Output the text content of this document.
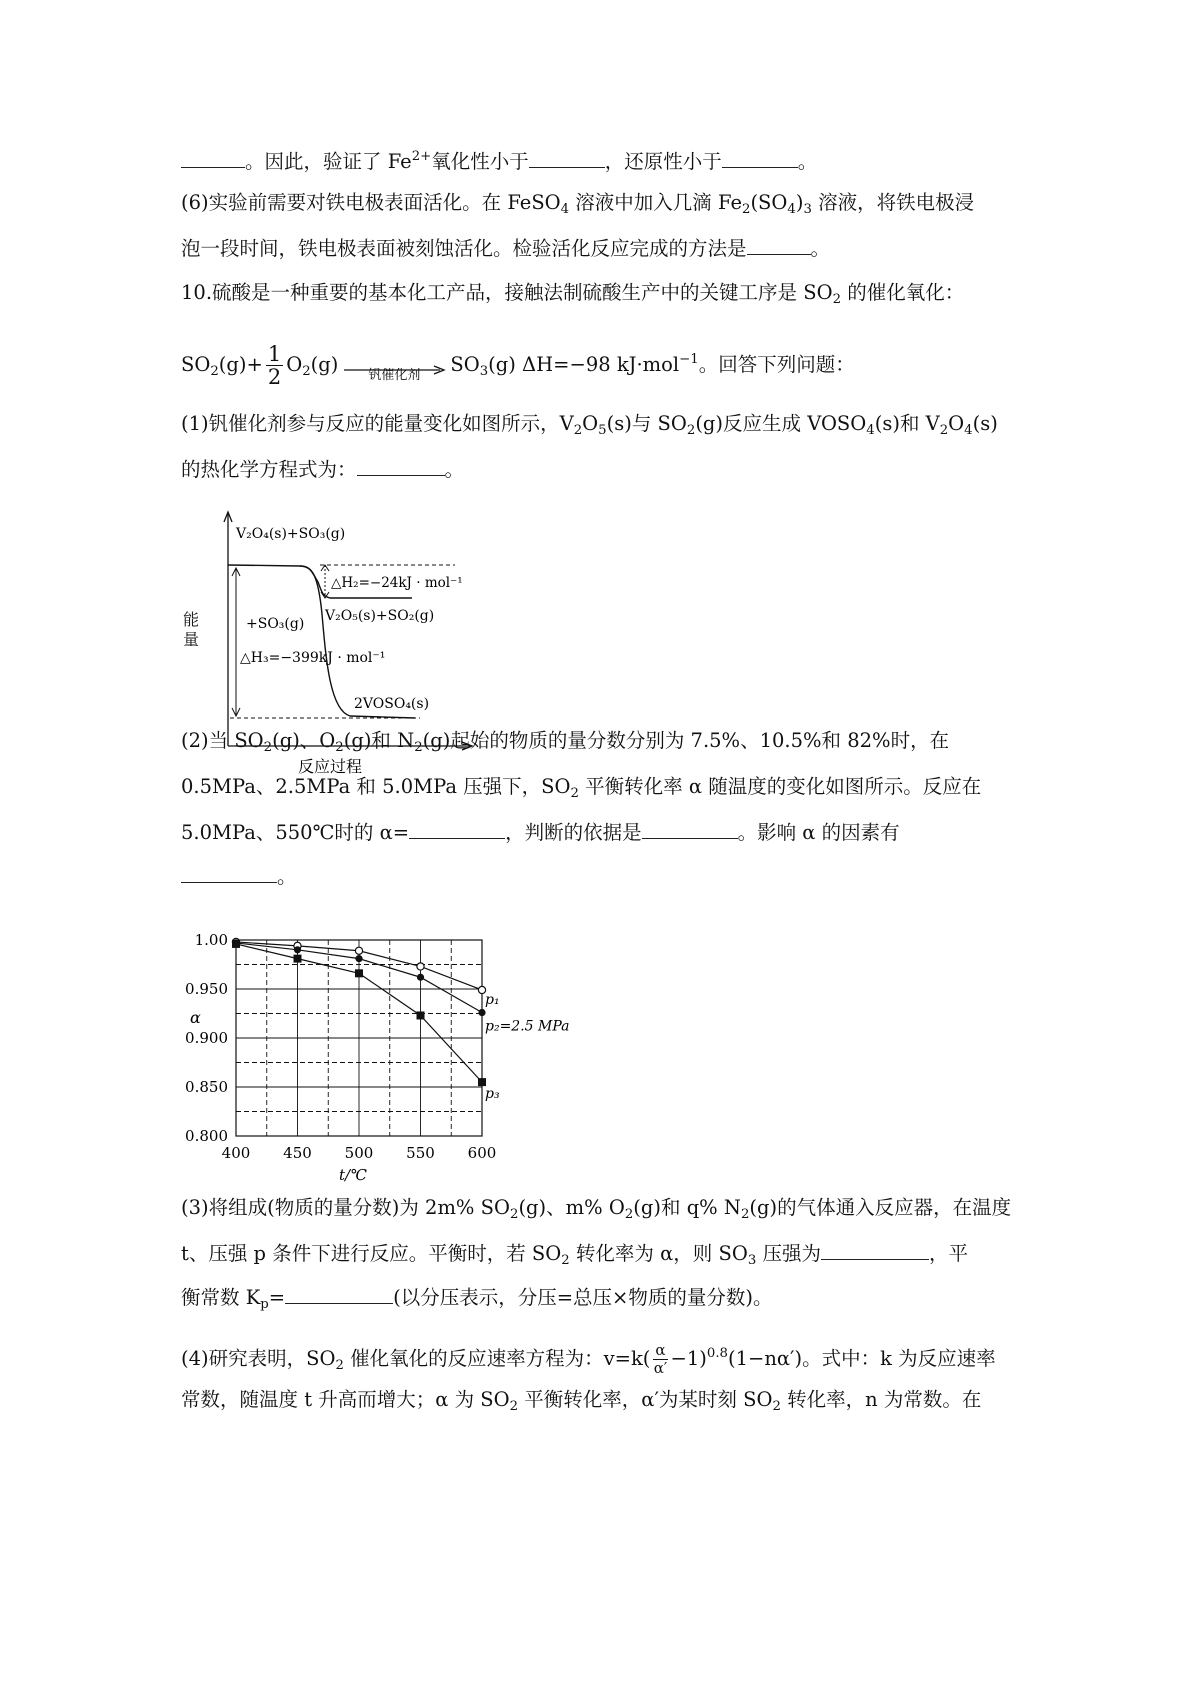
。因此，验证了 $Fe^{2+}$氧化性小于	，还原性小于	。
(6)实验前需要对铁电极表面活化。在 FeSO$_4$ 溶液中加入几滴 $Fe_2(SO_4)_3$ 溶液，将铁电极浸
泡一段时间，铁电极表面被刻蚀活化。检验活化反应完成的方法是	。
10.硫酸是一种重要的基本化工产品，接触法制硫酸生产中的关键工序是 $SO_2$ 的催化氧化：
$SO_2(g)+ \frac{1}{2} O_2(g)$	钒催化剂	$SO_3(g)$ ΔH=−98 kJ·mol$^{-1}$。回答下列问题：
(1)钒催化剂参与反应的能量变化如图所示，$V_2O_5(s)$与 $SO_2(g)$反应生成 $VOSO_4(s)$和 $V_2O_4(s)$
的热化学方程式为：	。
V₂O₄(s)+SO₃(g)
△H₂=−24kJ · mol⁻¹
V₂O₅(s)+SO₂(g)
+SO₃(g)
△H₃=−399kJ · mol⁻¹
2VOSO₄(s)
反应过程
能
量
(2)当 $SO_2(g)$、$O_2(g)$和 $N_2(g)$起始的物质的量分数分别为 7.5%、10.5%和 82%时，在
0.5MPa、2.5MPa 和 5.0MPa 压强下，$SO_2$ 平衡转化率 α 随温度的变化如图所示。反应在
5.0MPa、550℃时的 α=	，判断的依据是	。影响 α 的因素有
。
400 450 500 550 600
0.800
0.850
0.900
0.950
1.00
t/℃
α
p₁
p₂=2.5 MPa
p₃
(3)将组成(物质的量分数)为 2m% $SO_2(g)$、m% $O_2(g)$和 q% $N_2(g)$的气体通入反应器，在温度
t、压强 p 条件下进行反应。平衡时，若 $SO_2$ 转化率为 α，则 $SO_3$ 压强为	，平
衡常数 $K_p=$	(以分压表示，分压=总压×物质的量分数)。
(4)研究表明，$SO_2$ 催化氧化的反应速率方程为：$v=k( \frac{\alpha}{\alpha'} -1)^{0.8}(1-n\alpha')$。式中：k 为反应速率
常数，随温度 t 升高而增大；α 为 $SO_2$ 平衡转化率，α′为某时刻 $SO_2$ 转化率，n 为常数。在
